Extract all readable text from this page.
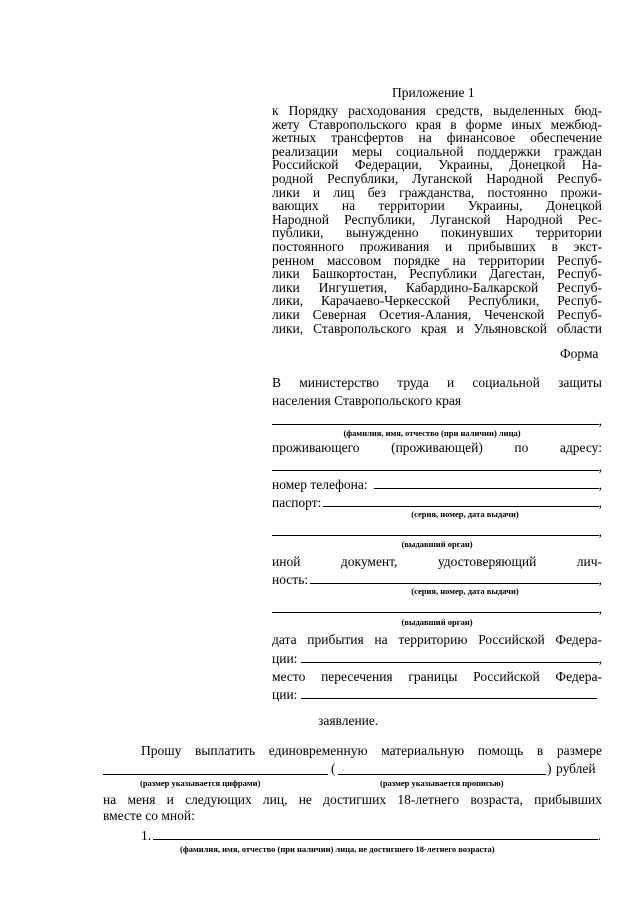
Приложение 1
к Порядку расходования средств, выделенных бюд-
жету Ставропольского края в форме иных межбюд-
жетных трансфертов на финансовое обеспечение
реализации меры социальной поддержки граждан
Российской Федерации, Украины, Донецкой На-
родной Республики, Луганской Народной Респуб-
лики и лиц без гражданства, постоянно прожи-
вающих на территории Украины, Донецкой
Народной Республики, Луганской Народной Рес-
публики, вынужденно покинувших территории
постоянного проживания и прибывших в экст-
ренном массовом порядке на территории Респуб-
лики Башкортостан, Республики Дагестан, Респуб-
лики Ингушетия, Кабардино-Балкарской Респуб-
лики, Карачаево-Черкесской Республики, Респуб-
лики Северная Осетия-Алания, Чеченской Респуб-
лики, Ставропольского края и Ульяновской области
Форма
В министерство труда и социальной защиты
населения Ставропольского края
,
(фамилия, имя, отчество (при наличии) лица)
проживающего (проживающей) по адресу:
,
номер телефона:	,
паспорт:	,
(серия, номер, дата выдачи)
,
(выдавший орган)
иной документ, удостоверяющий лич-
ность:	,
(серия, номер, дата выдачи)
,
(выдавший орган)
дата прибытия на территорию Российской Федера-
ции:	,
место пересечения границы Российской Федера-
ции:
заявление.
Прошу выплатить единовременную материальную помощь в размере
(	) рублей
(размер указывается цифрами)	(размер указывается прописью)
на меня и следующих лиц, не достигших 18-летнего возраста, прибывших
вместе со мной:
1.	.
(фамилия, имя, отчество (при наличии) лица, не достигшего 18-летнего возраста)
